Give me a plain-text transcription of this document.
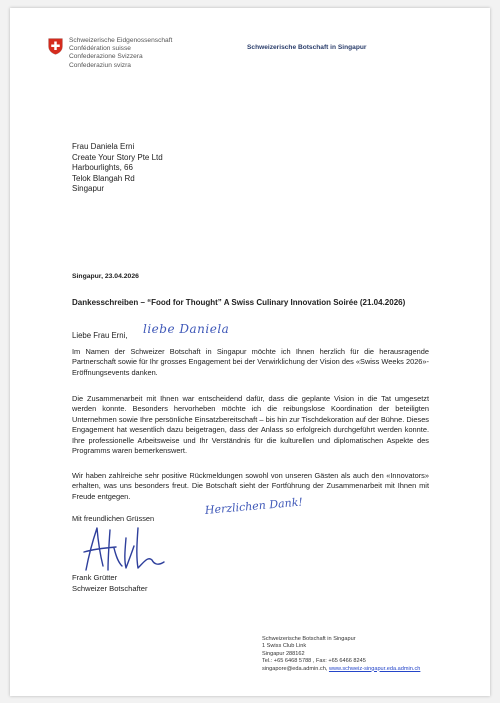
Schweizerische Eidgenossenschaft
Confédération suisse
Confederazione Svizzera
Confederaziun svizra
Schweizerische Botschaft in Singapur
Frau Daniela Erni
Create Your Story Pte Ltd
Harbourlights, 66
Telok Blangah Rd
Singapur
Singapur, 23.04.2026
Dankesschreiben – “Food for Thought” A Swiss Culinary Innovation Soirée (21.04.2026)
Liebe Frau Erni, liebe Daniela
Im Namen der Schweizer Botschaft in Singapur möchte ich Ihnen herzlich für die herausragende Partnerschaft sowie für Ihr grosses Engagement bei der Verwirklichung der Vision des «Swiss Weeks 2026»-Eröffnungsevents danken.
Die Zusammenarbeit mit Ihnen war entscheidend dafür, dass die geplante Vision in die Tat umgesetzt werden konnte. Besonders hervorheben möchte ich die reibungslose Koordination der beteiligten Unternehmen sowie Ihre persönliche Einsatzbereitschaft – bis hin zur Tischdekoration auf der Bühne. Dieses Engagement hat wesentlich dazu beigetragen, dass der Anlass so erfolgreich durchgeführt werden konnte. Ihre professionelle Arbeitsweise und Ihr Verständnis für die kulturellen und diplomatischen Aspekte des Programms waren bemerkenswert.
Wir haben zahlreiche sehr positive Rückmeldungen sowohl von unseren Gästen als auch den «Innovators» erhalten, was uns besonders freut. Die Botschaft sieht der Fortführung der Zusammenarbeit mit Ihnen mit Freude entgegen.
Mit freundlichen Grüssen
Herzlichen Dank!
Frank Grütter
Schweizer Botschafter
Schweizerische Botschaft in Singapur
1 Swiss Club Link
Singapur 288162
Tel.: +65 6468 5788 , Fax: +65 6466 8245
singapore@eda.admin.ch, www.schweiz-singapur.eda.admin.ch
